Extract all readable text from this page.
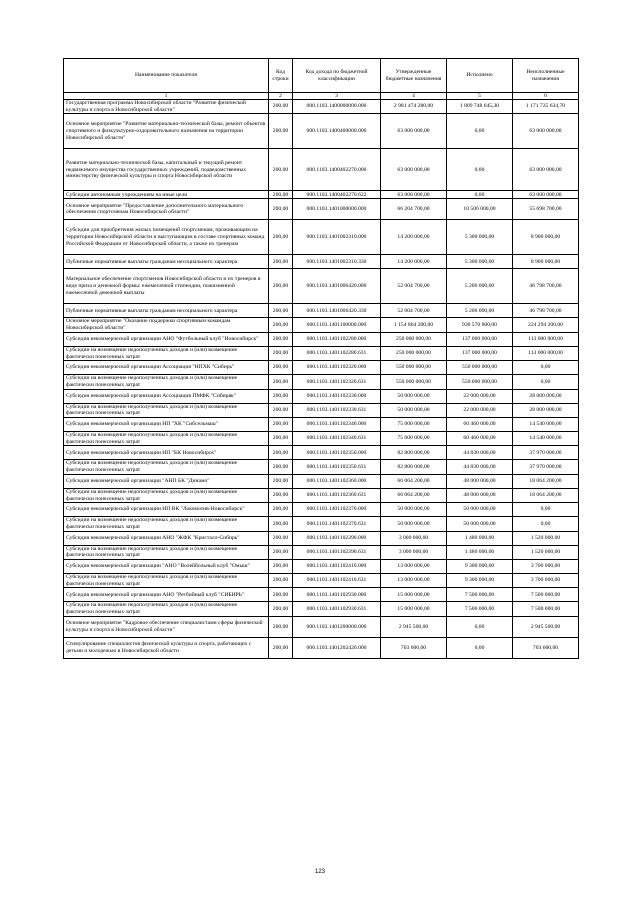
Наименование показателя	Код строки	Код дохода по бюджетной классификации	Утвержденные бюджетные назначения	Исполнено	Неисполненные назначения
1	2	3	4	5	6
Государственная программа Новосибирской области "Развитие физической культуры и спорта в Новосибирской области"	200,00	000.1103.1400000000.000	2 981 474 280,00	1 809 748 645,30	1 171 725 634,70
Основное мероприятие "Развитие материально-технической базы, ремонт объектов спортивного и физкультурно-оздоровительного назначения на территории Новосибирской области"	200,00	000.1103.1400400000.000	63 000 000,00	0,00	63 000 000,00
Развитие материально-технической базы, капитальный и текущий ремонт недвижимого имущества государственных учреждений, подведомственных министерству физической культуры и спорта Новосибирской области	200,00	000.1103.1400402270.000	63 000 000,00	0,00	63 000 000,00
Субсидии автономным учреждениям на иные цели	200,00	000.1103.1400402270.622	63 000 000,00	0,00	63 000 000,00
Основное мероприятие "Предоставление дополнительного материального обеспечения спортсменам Новосибирской области"	200,00	000.1103.1401000000.000	66 204 700,00	10 506 000,00	55 698 700,00
Субсидии для приобретения жилых помещений спортсменам, проживающим на территории Новосибирской области и выступающим в составе спортивных команд Российской Федерации от Новосибирской области, а также их тренерам	200,00	000.1103.1401002310.000	14 200 000,00	5 300 000,00	8 900 000,00
Публичные нормативные выплаты гражданам несоциального характера	200,00	000.1103.1401002310.330	14 200 000,00	5 300 000,00	8 900 000,00
Материальное обеспечение спортсменов Новосибирской области и их тренеров в виде приза и денежной формы: ежемесячной стипендии, пожизненной ежемесячной денежной выплаты	200,00	000.1103.1401006420.000	52 004 700,00	5 206 000,00	46 798 700,00
Публичные нормативные выплаты гражданам несоциального характера	200,00	000.1103.1401006420.330	52 004 700,00	5 206 000,00	46 798 700,00
Основное мероприятие "Оказание поддержки спортивным командам Новосибирской области"	200,00	000.1103.1401100000.000	1 154 864 200,00	930 570 000,00	224 294 200,00
Субсидия некоммерческой организации АНО "Футбольный клуб "Новосибирск"	200,00	000.1103.1401102280.000	250 000 000,00	137 000 000,00	113 000 000,00
Субсидии на возмещение недополученных доходов и (или) возмещение фактически понесенных затрат	200,00	000.1103.1401102280.631	250 000 000,00	137 000 000,00	113 000 000,00
Субсидия некоммерческой организации Ассоциация "НПХК "Сибирь"	200,00	000.1103.1401102320.000	550 000 000,00	550 000 000,00	0,00
Субсидии на возмещение недополученных доходов и (или) возмещение фактически понесенных затрат	200,00	000.1103.1401102320.631	550 000 000,00	550 000 000,00	0,00
Субсидия некоммерческой организации Ассоциация ПМФК "Сибиряк"	200,00	000.1103.1401102330.000	50 000 000,00	22 000 000,00	28 000 000,00
Субсидии на возмещение недополученных доходов и (или) возмещение фактически понесенных затрат	200,00	000.1103.1401102330.631	50 000 000,00	22 000 000,00	28 000 000,00
Субсидия некоммерческой организации НП "ХК "Сибсельмаш"	200,00	000.1103.1401102340.000	75 000 000,00	60 460 000,00	14 540 000,00
Субсидии на возмещение недополученных доходов и (или) возмещение фактически понесенных затрат	200,00	000.1103.1401102340.631	75 000 000,00	60 460 000,00	14 540 000,00
Субсидия некоммерческой организации НП "БК Новосибирск"	200,00	000.1103.1401102350.000	82 800 000,00	44 830 000,00	37 970 000,00
Субсидии на возмещение недополученных доходов и (или) возмещение фактически понесенных затрат	200,00	000.1103.1401102350.631	82 800 000,00	44 830 000,00	37 970 000,00
Субсидия некоммерческой организации "АНП БК "Динамо"	200,00	000.1103.1401102360.000	66 064 200,00	48 000 000,00	18 064 200,00
Субсидии на возмещение недополученных доходов и (или) возмещение фактически понесенных затрат	200,00	000.1103.1401102360.631	66 064 200,00	48 000 000,00	18 064 200,00
Субсидия некоммерческой организации НП ВК "Локомотив-Новосибирск"	200,00	000.1103.1401102370.000	50 000 000,00	50 000 000,00	0,00
Субсидии на возмещение недополученных доходов и (или) возмещение фактически понесенных затрат	200,00	000.1103.1401102370.631	50 000 000,00	50 000 000,00	0,00
Субсидия некоммерческой организации АНО "ЖФК "Кристалл-Сибирь"	200,00	000.1103.1401102390.000	3 000 000,00	1 480 000,00	1 520 000,00
Субсидии на возмещение недополученных доходов и (или) возмещение фактически понесенных затрат	200,00	000.1103.1401102390.631	3 000 000,00	1 480 000,00	1 520 000,00
Субсидия некоммерческой организации "АНО "Волейбольный клуб "Омыш"	200,00	000.1103.1401102410.000	13 000 000,00	9 300 000,00	3 700 000,00
Субсидии на возмещение недополученных доходов и (или) возмещение фактически понесенных затрат	200,00	000.1103.1401102410.631	13 000 000,00	9 300 000,00	3 700 000,00
Субсидия некоммерческой организации АНО "Регбийный клуб "СИБИРЬ"	200,00	000.1103.1401102930.000	15 000 000,00	7 500 000,00	7 500 000,00
Субсидии на возмещение недополученных доходов и (или) возмещение фактически понесенных затрат	200,00	000.1103.1401102930.631	15 000 000,00	7 500 000,00	7 500 000,00
Основное мероприятие "Кадровое обеспечение специалистами сферы физической культуры и спорта в Новосибирской области"	200,00	000.1103.1401200000.000	2 945 500,00	0,00	2 945 500,00
Стимулирование специалистов физической культуры и спорта, работающих с детьми и молодежью в Новосибирской области	200,00	000.1103.1401202420.000	703 600,00	0,00	703 600,00
123
